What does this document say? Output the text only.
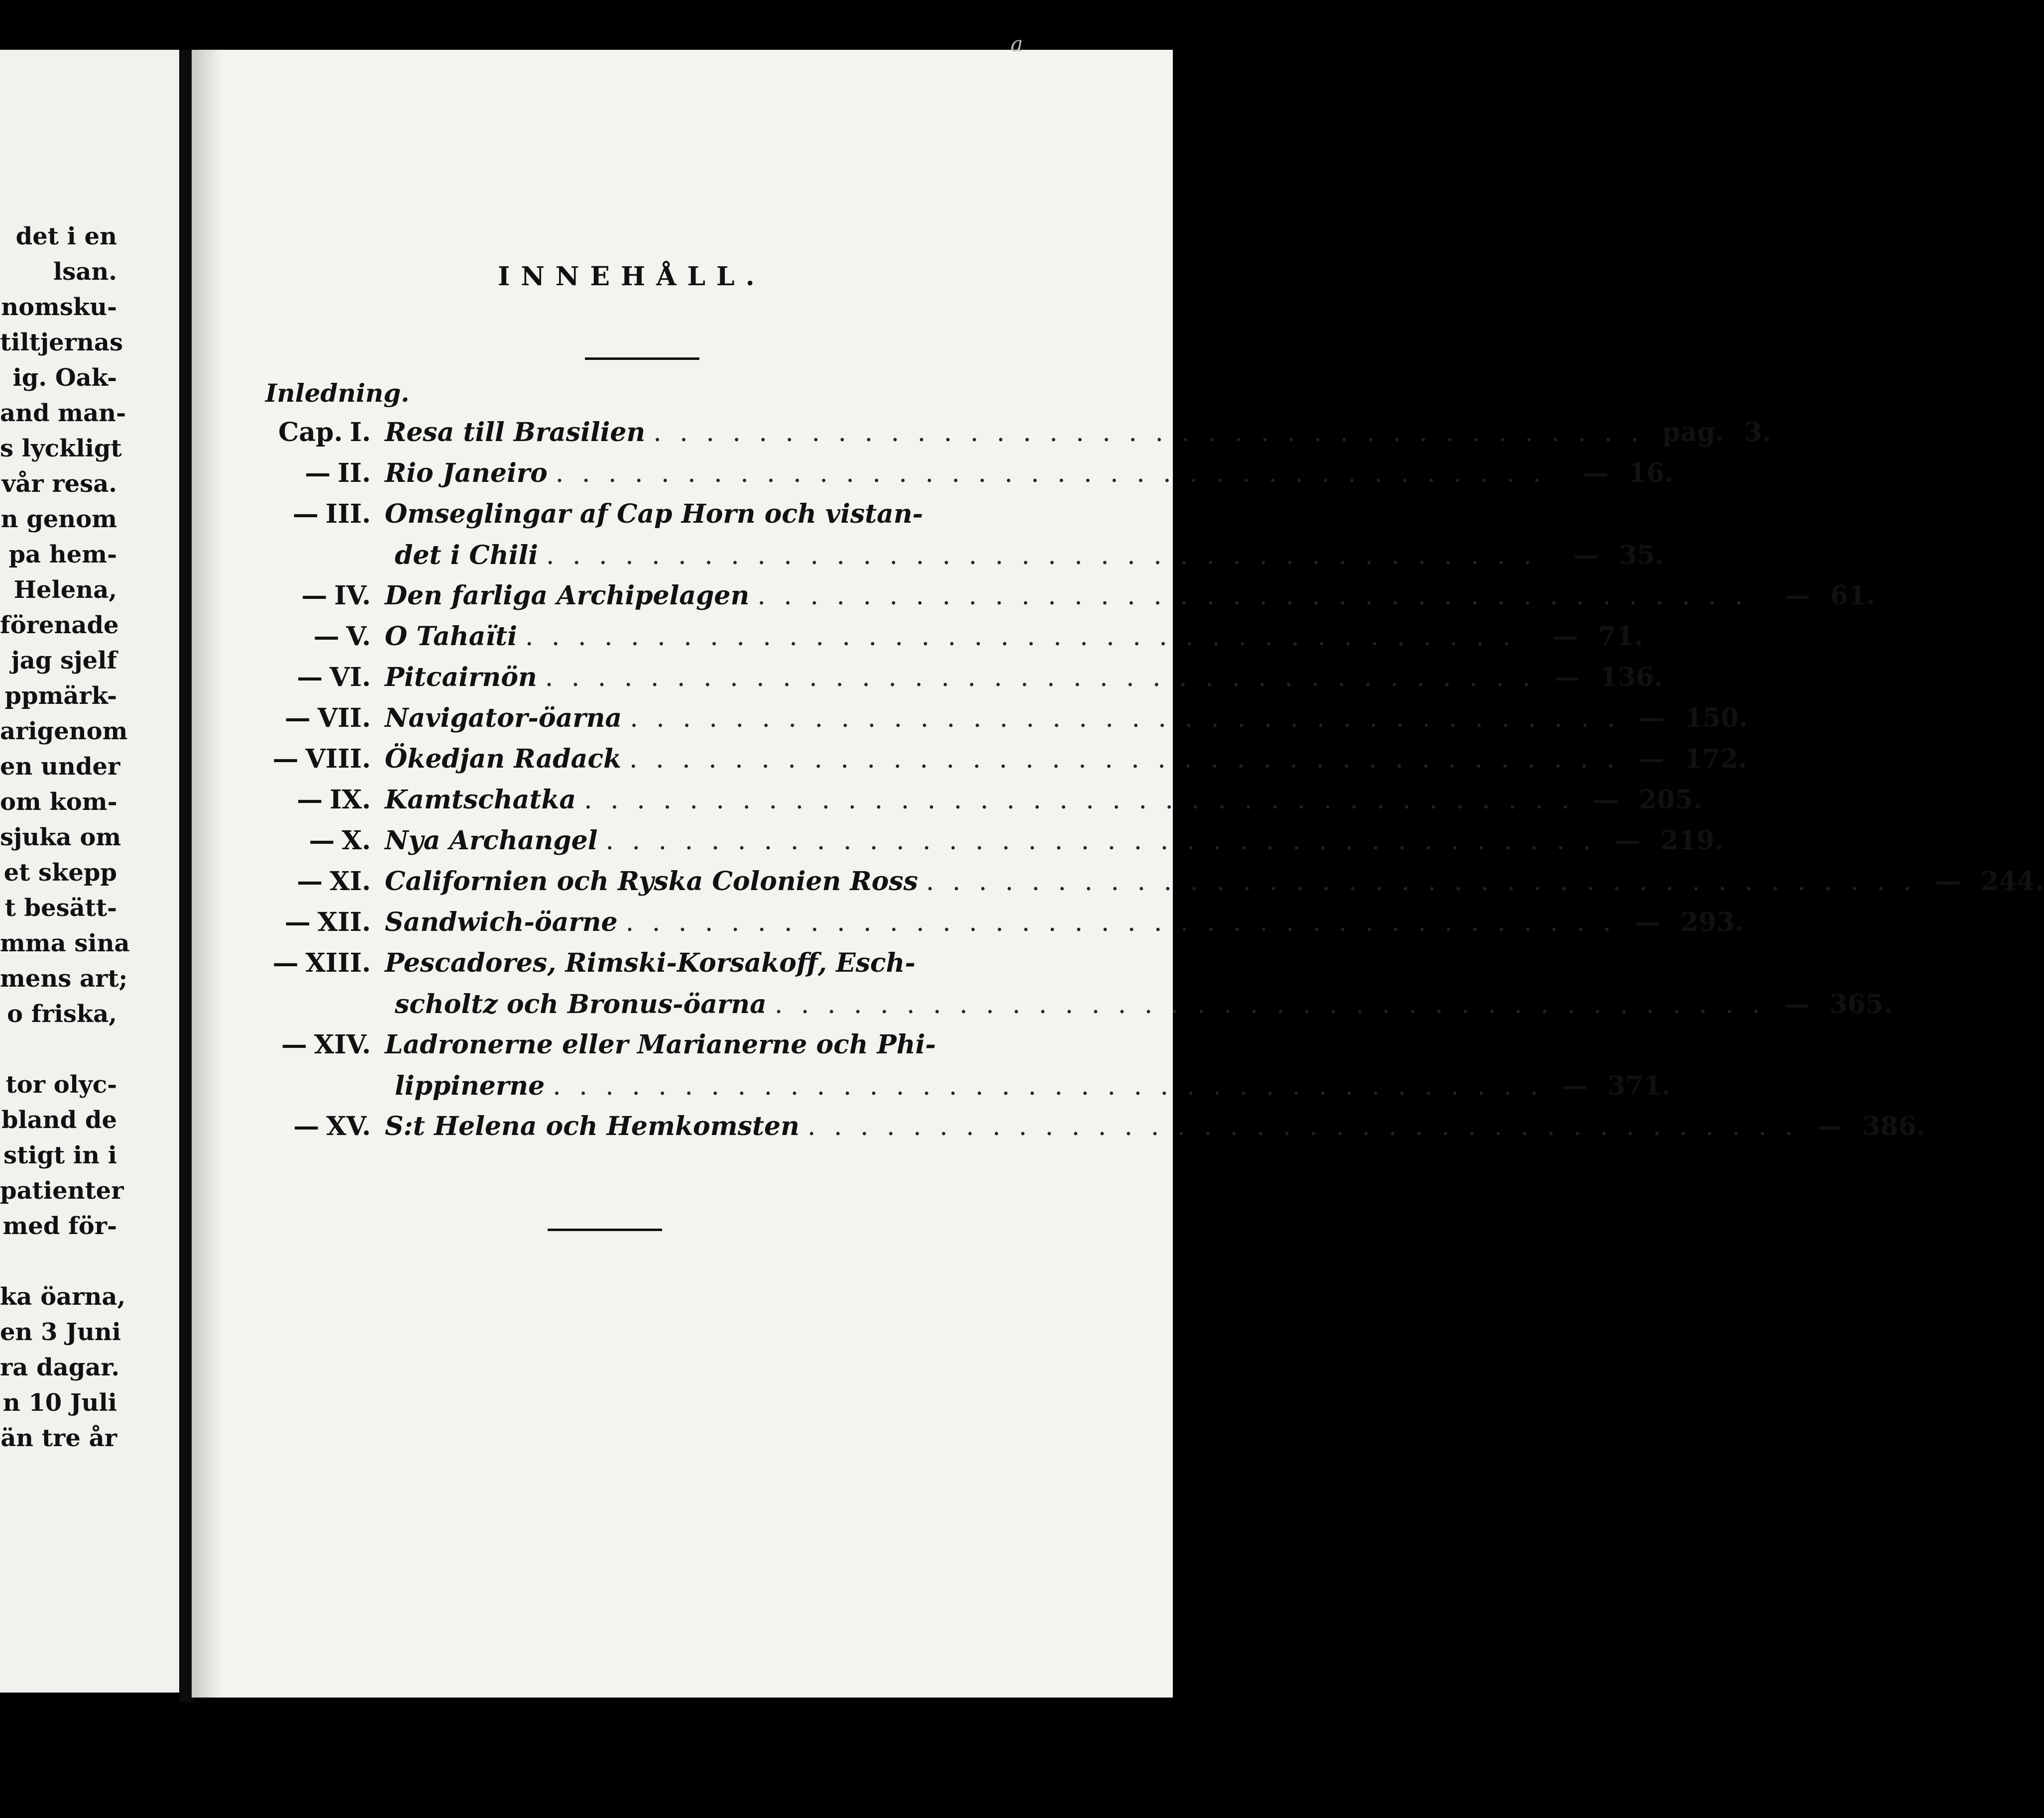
det i en
lsan.
nomsku-
tiltjernas
ig. Oak-
and man-
s lyckligt
vår resa.
n genom
pa hem-
Helena,
förenade
jag sjelf
ppmärk-
arigenom
en under
om kom-
sjuka om
et skepp
t besätt-
mma sina
mens art;
o friska,

tor olyc-
bland de
stigt in i
patienter
med för-

ka öarna,
en 3 Juni
ra dagar.
n 10 Juli
än tre år
a
INNEHÅLL.
Inledning.
Cap. I. Resa till Brasilien . . . . . . . . . . . . . . . . . . . . . . . . . . . . . . . . . . . . . . pag. 3.
— II. Rio Janeiro . . . . . . . . . . . . . . . . . . . . . . . . . . . . . . . . . . . . . .	— 16.
— III. Omseglingar af Cap Horn och vistan-
det i Chili . . . . . . . . . . . . . . . . . . . . . . . . . . . . . . . . . . . . . .	— 35.
— IV. Den farliga Archipelagen . . . . . . . . . . . . . . . . . . . . . . . . . . . . . . . . . . . . . .	— 61.
— V. O Tahaïti . . . . . . . . . . . . . . . . . . . . . . . . . . . . . . . . . . . . . .	— 71.
— VI. Pitcairnön . . . . . . . . . . . . . . . . . . . . . . . . . . . . . . . . . . . . . . — 136.
— VII. Navigator-öarna . . . . . . . . . . . . . . . . . . . . . . . . . . . . . . . . . . . . . . — 150.
— VIII. Ökedjan Radack . . . . . . . . . . . . . . . . . . . . . . . . . . . . . . . . . . . . . . — 172.
— IX. Kamtschatka . . . . . . . . . . . . . . . . . . . . . . . . . . . . . . . . . . . . . . — 205.
— X. Nya Archangel . . . . . . . . . . . . . . . . . . . . . . . . . . . . . . . . . . . . . . — 219.
— XI. Californien och Ryska Colonien Ross . . . . . . . . . . . . . . . . . . . . . . . . . . . . . . . . . . . . . . — 244.
— XII. Sandwich-öarne . . . . . . . . . . . . . . . . . . . . . . . . . . . . . . . . . . . . . . — 293.
— XIII. Pescadores, Rimski-Korsakoff, Esch-
scholtz och Bronus-öarna . . . . . . . . . . . . . . . . . . . . . . . . . . . . . . . . . . . . . . — 365.
— XIV. Ladronerne eller Marianerne och Phi-
lippinerne . . . . . . . . . . . . . . . . . . . . . . . . . . . . . . . . . . . . . . — 371.
— XV. S:t Helena och Hemkomsten . . . . . . . . . . . . . . . . . . . . . . . . . . . . . . . . . . . . . . — 386.
